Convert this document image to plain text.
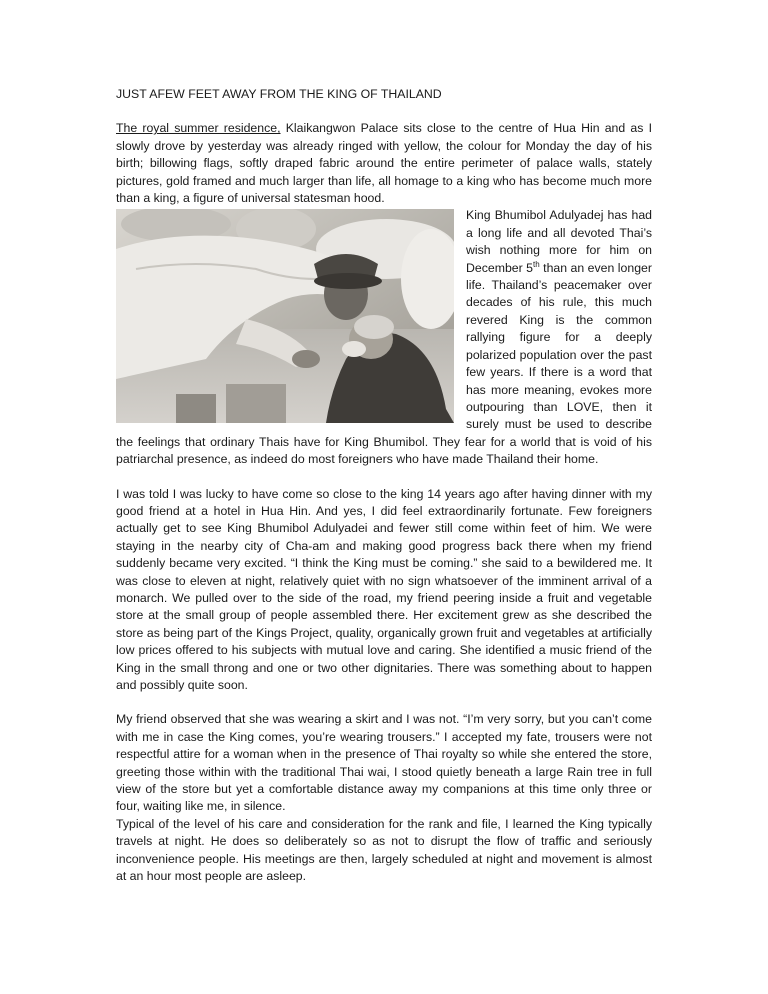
JUST AFEW FEET AWAY FROM THE KING OF THAILAND

The royal summer residence, Klaikangwon Palace sits close to the centre of Hua Hin and as I slowly drove by yesterday was already ringed with yellow, the colour for Monday the day of his birth; billowing flags, softly draped fabric around the entire perimeter of palace walls, stately pictures, gold framed and much larger than life, all homage to a king who has become much more than a king, a figure of universal statesman hood.

King Bhumibol Adulyadej has had a long life and all devoted Thai’s wish nothing more for him on December 5th than an even longer life. Thailand’s peacemaker over decades of his rule, this much revered King is the common rallying figure for a deeply polarized population over the past few years. If there is a word that has more meaning, evokes more outpouring than LOVE, then it surely must be used to describe the feelings that ordinary Thais have for King Bhumibol. They fear for a world that is void of his patriarchal presence, as indeed do most foreigners who have made Thailand their home.

I was told I was lucky to have come so close to the king 14 years ago after having dinner with my good friend at a hotel in Hua Hin. And yes, I did feel extraordinarily fortunate. Few foreigners actually get to see King Bhumibol Adulyadei and fewer still come within feet of him. We were staying in the nearby city of Cha-am and making good progress back there when my friend suddenly became very excited. “I think the King must be coming.” she said to a bewildered me. It was close to eleven at night, relatively quiet with no sign whatsoever of the imminent arrival of a monarch. We pulled over to the side of the road, my friend peering inside a fruit and vegetable store at the small group of people assembled there. Her excitement grew as she described the store as being part of the Kings Project, quality, organically grown fruit and vegetables at artificially low prices offered to his subjects with mutual love and caring. She identified a music friend of the King in the small throng and one or two other dignitaries. There was something about to happen and possibly quite soon.

My friend observed that she was wearing a skirt and I was not. “I’m very sorry, but you can’t come with me in case the King comes, you’re wearing trousers.” I accepted my fate, trousers were not respectful attire for a woman when in the presence of Thai royalty so while she entered the store, greeting those within with the traditional Thai wai, I stood quietly beneath a large Rain tree in full view of the store but yet a comfortable distance away my companions at this time only three or four, waiting like me, in silence.

Typical of the level of his care and consideration for the rank and file, I learned the King typically travels at night. He does so deliberately so as not to disrupt the flow of traffic and seriously inconvenience people. His meetings are then, largely scheduled at night and movement is almost at an hour most people are asleep.
